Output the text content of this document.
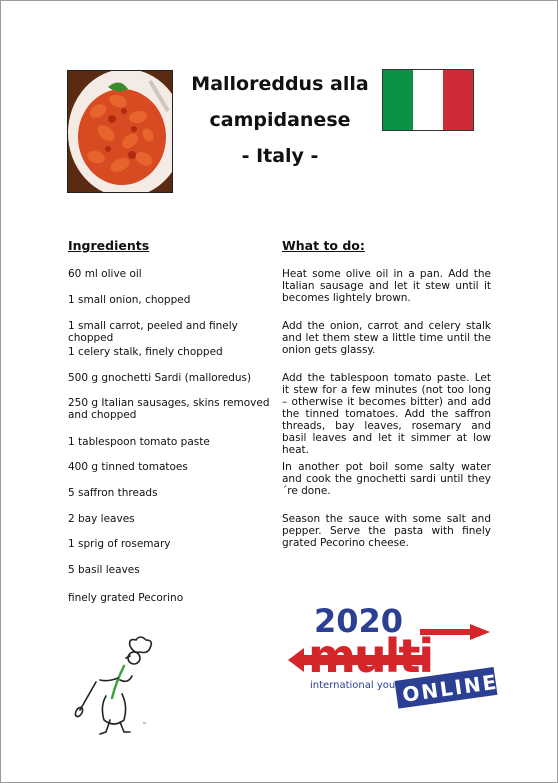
Malloreddus alla
campidanese
- Italy -
Ingredients	What to do:
60 ml olive oil
1 small onion, chopped
1 small carrot, peeled and finely chopped
1 celery stalk, finely chopped
500 g gnochetti Sardi (malloredus)
250 g Italian sausages, skins removed and chopped
1 tablespoon tomato paste
400 g tinned tomatoes
5 saffron threads
2 bay leaves
1 sprig of rosemary
5 basil leaves
finely grated Pecorino
Heat some olive oil in a pan. Add the Italian sausage and let it stew until it becomes lightely brown.
Add the onion, carrot and celery stalk and let them stew a little time until the onion gets glassy.
Add the tablespoon tomato paste. Let it stew for a few minutes (not too long – otherwise it becomes bitter) and add the tinned tomatoes. Add the saffron threads, bay leaves, rosemary and basil leaves and let it simmer at low heat.
In another pot boil some salty water and cook the gnochetti sardi until they´re done.
Season the sauce with some salt and pepper. Serve the pasta with finely grated Pecorino cheese.
™
2020
multi
international you ONLINE
